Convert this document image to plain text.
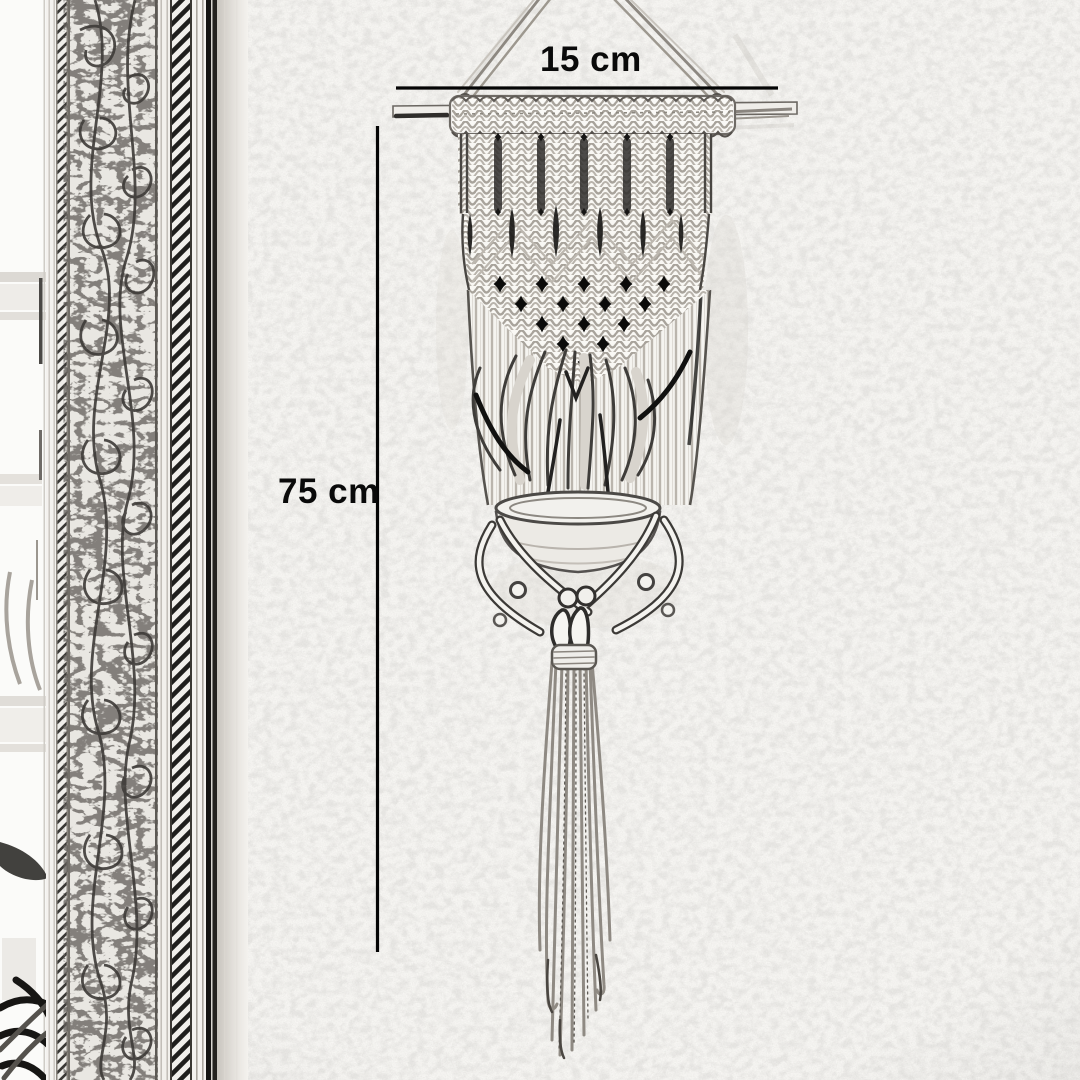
15 cm
75 cm
